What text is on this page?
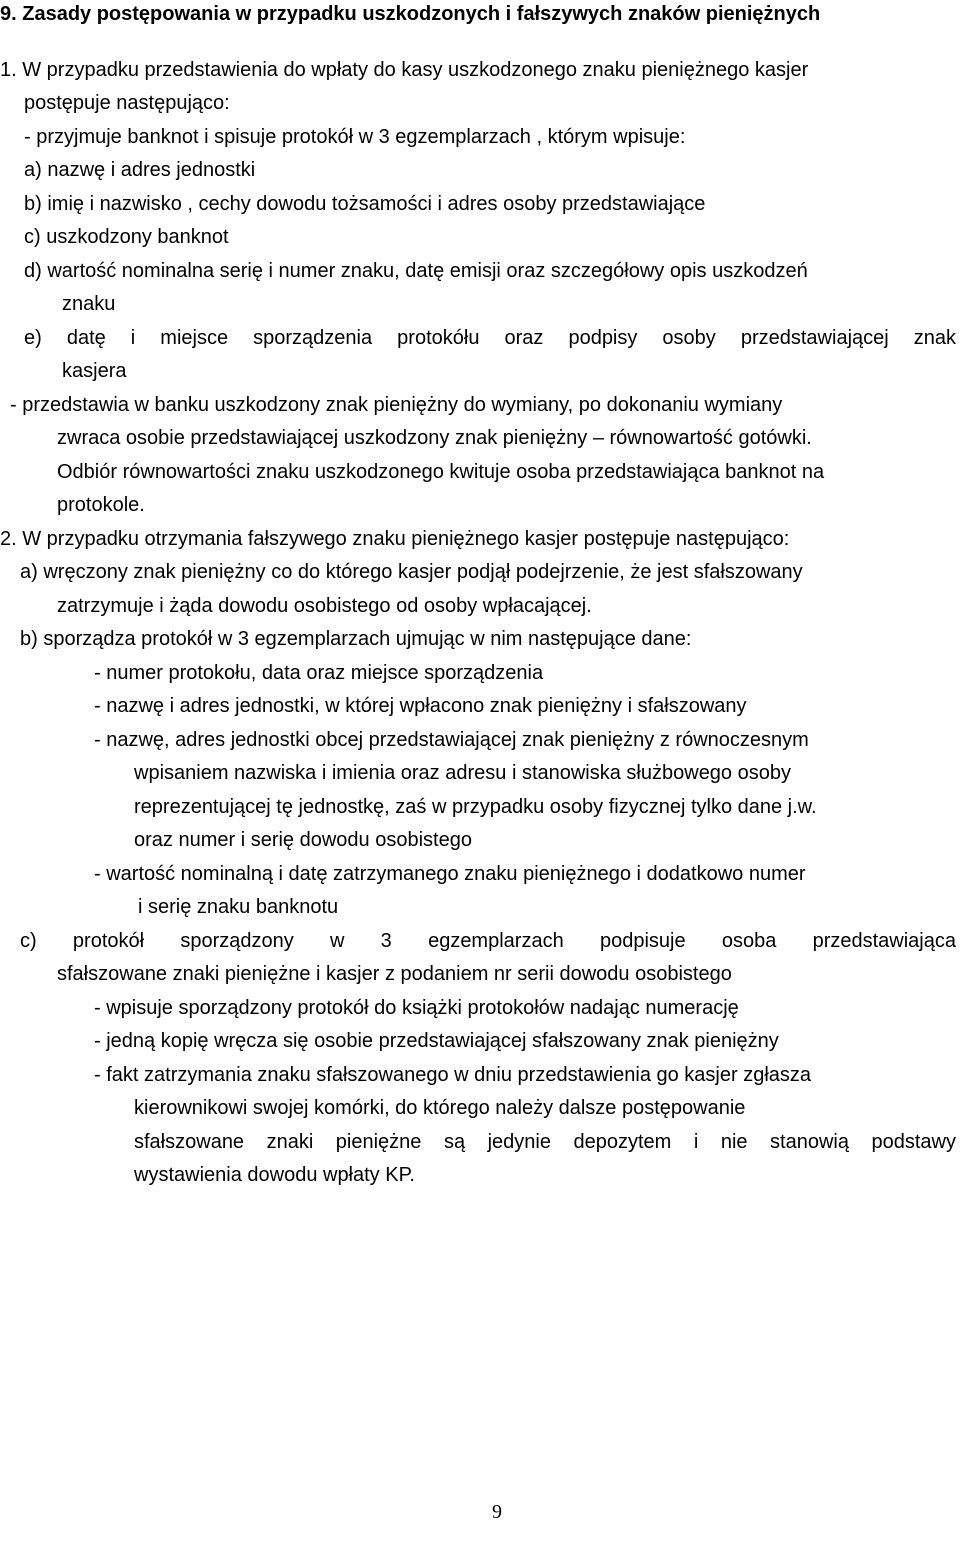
9. Zasady postępowania w przypadku uszkodzonych i fałszywych znaków pieniężnych
1. W przypadku przedstawienia do wpłaty do kasy uszkodzonego znaku pieniężnego kasjer
postępuje następująco:
- przyjmuje banknot i spisuje protokół w 3 egzemplarzach , którym wpisuje:
a) nazwę i adres jednostki
b) imię i nazwisko , cechy dowodu tożsamości i adres osoby przedstawiające
c) uszkodzony banknot
d) wartość nominalna serię i numer znaku, datę emisji oraz szczegółowy opis uszkodzeń
znaku
e) datę i miejsce sporządzenia protokółu oraz podpisy osoby przedstawiającej znak
kasjera
- przedstawia w banku uszkodzony znak pieniężny do wymiany, po dokonaniu wymiany
zwraca osobie przedstawiającej uszkodzony znak pieniężny – równowartość gotówki.
Odbiór równowartości znaku uszkodzonego kwituje osoba przedstawiająca banknot na
protokole.
2. W przypadku otrzymania fałszywego znaku pieniężnego kasjer postępuje następująco:
a) wręczony znak pieniężny co do którego kasjer podjął podejrzenie, że jest sfałszowany
zatrzymuje i żąda dowodu osobistego od osoby wpłacającej.
b) sporządza protokół w 3 egzemplarzach ujmując w nim następujące dane:
- numer protokołu, data oraz miejsce sporządzenia
- nazwę i adres jednostki, w której wpłacono znak pieniężny i sfałszowany
- nazwę, adres jednostki obcej przedstawiającej znak pieniężny z równoczesnym
wpisaniem nazwiska i imienia oraz adresu i stanowiska służbowego osoby
reprezentującej tę jednostkę, zaś w przypadku osoby fizycznej tylko dane j.w.
oraz numer i serię dowodu osobistego
- wartość nominalną i datę zatrzymanego znaku pieniężnego i dodatkowo numer
i serię znaku banknotu
c) protokół sporządzony w 3 egzemplarzach podpisuje osoba przedstawiająca
sfałszowane znaki pieniężne i kasjer z podaniem nr serii dowodu osobistego
- wpisuje sporządzony protokół do książki protokołów nadając numerację
- jedną kopię wręcza się osobie przedstawiającej sfałszowany znak pieniężny
- fakt zatrzymania znaku sfałszowanego w dniu przedstawienia go kasjer zgłasza
kierownikowi swojej komórki, do którego należy dalsze postępowanie
sfałszowane znaki pieniężne są jedynie depozytem i nie stanowią podstawy
wystawienia dowodu wpłaty KP.
9
